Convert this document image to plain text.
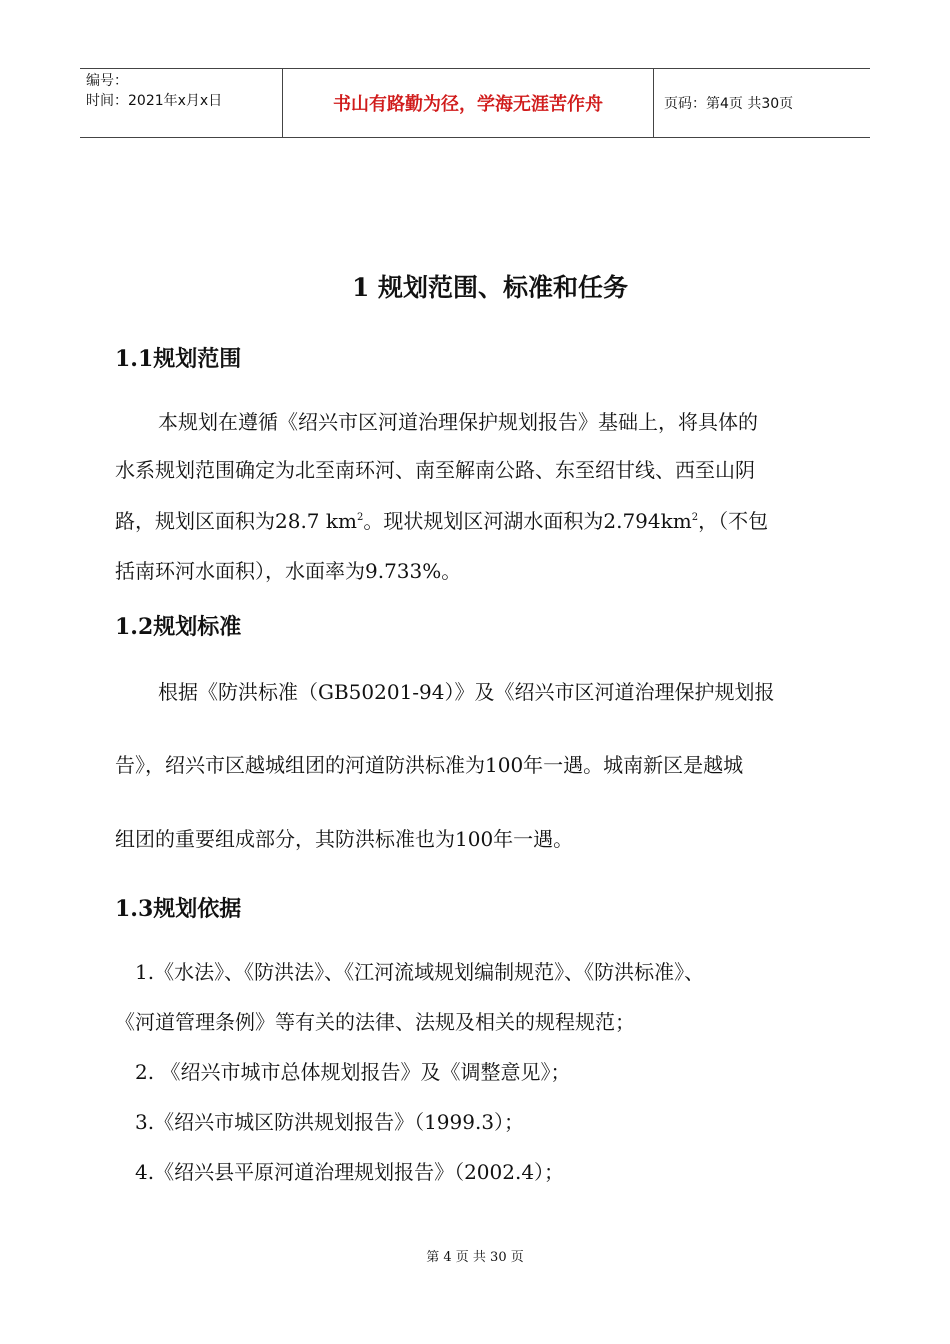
编号：
时间：2021年x月x日	书山有路勤为径，学海无涯苦作舟	页码：第4页 共30页
1 规划范围、标准和任务
1.1规划范围
本规划在遵循《绍兴市区河道治理保护规划报告》基础上，将具体的
水系规划范围确定为北至南环河、南至解南公路、东至绍甘线、西至山阴
路，规划区面积为28.7 $km^2$。现状规划区河湖水面积为$2.794km^2$，（不包
括南环河水面积），水面率为9.733%。
1.2规划标准
根据《防洪标准（GB50201-94）》及《绍兴市区河道治理保护规划报
告》，绍兴市区越城组团的河道防洪标准为100年一遇。城南新区是越城
组团的重要组成部分，其防洪标准也为100年一遇。
1.3规划依据
1.《水法》、《防洪法》、《江河流域规划编制规范》、《防洪标准》、
《河道管理条例》等有关的法律、法规及相关的规程规范；
2. 《绍兴市城市总体规划报告》及《调整意见》；
3.《绍兴市城区防洪规划报告》（1999.3）；
4.《绍兴县平原河道治理规划报告》（2002.4）；
第 4 页 共 30 页
